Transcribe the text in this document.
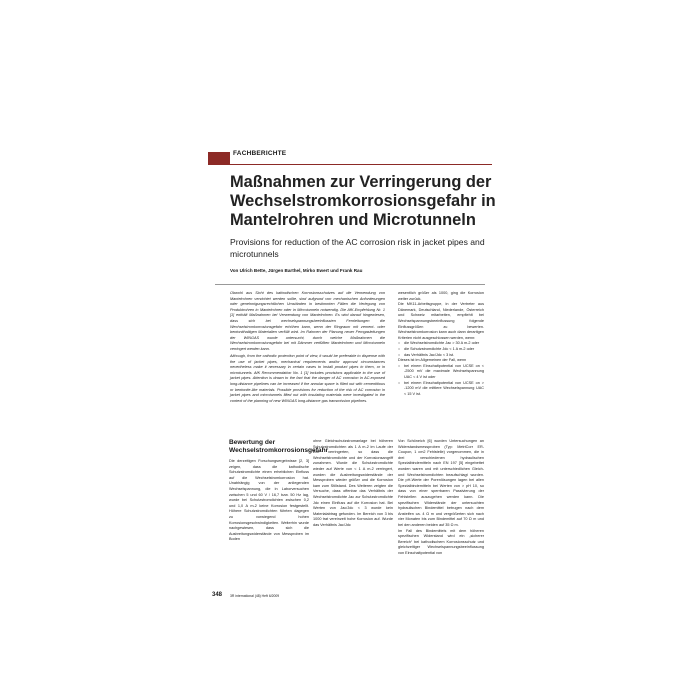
FACHBERICHTE
Maßnahmen zur Verringerung der Wechselstromkorrosionsgefahr in Mantelrohren und Microtunneln

Provisions for reduction of the AC corrosion risk in jacket pipes and microtunnels

Von Ulrich Bette, Jürgen Barthel, Mirko Ewert und Frank Rau

Obwohl aus Sicht des kathodischen Korrosionsschutzes auf die Verwendung von Mantelrohren verzichtet werden sollte, sind aufgrund von mechanischen Anforderungen oder genehmigungsrechtlichen Umständen in bestimmten Fällen die Verlegung von Produktrohren in Mantelrohren oder in Microtunneln notwendig. Die AfK-Empfehlung Nr. 1 [1] enthält Maßnahmen bei Verwendung von Mantelrohren. Es wird darauf hingewiesen, dass sich bei wechselspannungsbeeinflussten Fernleitungen die Wechselstromkorrosionsgefahr erhöhen kann, wenn der Ringraum mit zement- oder bentonithaltigen Materialien verfüllt wird. Im Rahmen der Planung neuer Ferngasleitungen der WINGAS wurde untersucht, durch welche Maßnahmen die Wechselstromkorrosionsgefahr bei mit Dämmer verfüllten Mantelrohren und Microtunneln verringert werden kann.

Although, from the cathodic protection point of view, it would be preferable to dispense with the use of jacket pipes, mechanical requirements and/or approval circumstances nevertheless make it necessary in certain cases to install product pipes in them, or in microtunnels. AfK Recommendation No. 1 [1] includes provisions applicable to the use of jacket pipes. Attention is drawn to the fact that the danger of AC corrosion in AC-exposed long-distance pipelines can be increased if the annular space is filled out with cementitious or bentonite-like materials. Possible provisions for reduction of the risk of AC corrosion in jacket pipes and microtunnels filled out with insulating materials were investigated in the context of the planning of new WINGAS long-distance gas transmission pipelines.

wesentlich größer als 1000, ging die Korrosion weiter zurück.

Die MK11-Arbeitsgruppe, in der Vertreter aus Dänemark, Deutschland, Niederlande, Österreich und Schweiz mitarbeiten, empfiehlt bei Wechselspannungsbeeinflussung folgende Einflussgrößen zu bewerten. Wechselstromkorrosion kann auch dann derartigen Kriterien nicht ausgeschlossen werden, wenn:

○ die Wechselstromdichte Jac > 30 A m-2 oder
○ die Schutzstromdichte Jdc < 1 A m-2 oder
○ das Verhältnis Jac/Jdc < 3 ist.

Dieses ist im Allgemeinen der Fall, wenn

○ bei einem Einschaltpotential von UCSE on < -2500 mV die maximale Wechselspannung UAC < 4 V ist oder
○ bei einem Einschaltpotential von UCSE on > -1200 mV die mittlere Wechselspannung UAC < 15 V ist.
Bewertung der Wechselstromkorrosionsgefahr

Die derzeitigen Forschungsergebnisse [2, 3] zeigen, dass die kathodische Schutzstromdichte einen erheblichen Einfluss auf die Wechselstromkorrosion hat. Unabhängig von der anliegenden Wechselspannung, die in Laborversuchen zwischen 5 und 60 V / 16,7 bzw. 50 Hz lag, wurde bei Schutzstromdichten zwischen 0,2 und 1,0 A m-2 keine Korrosion festgestellt. Höhere Schutzstromdichten führten dagegen zu vorwiegend hohen Korrosionsgeschwindigkeiten. Weiterhin wurde nachgewiesen, dass sich die Ausbreitungswiderstände von Messproben im Boden

ohne Gleichschutzstromanlage bei höheren Schutzstromdichten als 1 A m-2 im Laufe der Zeit verringerten, so dass die Wechselstromdichte und der Korrosionsangriff zunahmen. Wurde die Schutzstromdichte wieder auf Werte von < 1 A m-2 verringert, wurden die Ausbreitungswiderstände der Messproben wieder größer und die Korrosion kam zum Stillstand. Des Weiteren zeigten die Versuche, dass offenbar das Verhältnis der Wechselstromdichte Jac zur Schutzstromdichte Jdc einen Einfluss auf die Korrosion hat. Bei Werten von Jac/Jdc < 3 wurde kein Materialabtrag gefunden. Im Bereich von 3 bis 1000 trat vereinzelt hohe Korrosion auf. Wurde das Verhältnis Jac/Jdc

Von Schöneich [6] wurden Untersuchungen an Widerstandsmessproben (Typ: MetriCorr ER-Coupon, 1 cm2 Fehlstelle) vorgenommen, die in drei verschiedenen hydraulischen Spezialbindemitteln nach EN 197 [5] eingebettet worden waren und mit unterschiedlichen Gleich- und Wechselstromdichten beaufschlagt wurden. Die pH-Werte der Porenlösungen lagen bei allen Spezialbindemitteln bei Werten von > pH 10, so dass von einer sperrbaren Passivierung der Fehlstellen auszugehen werden kann. Die spezifischen Widerstände der untersuchten hydraulischen Bindemittel betrugen nach dem Ansteifen ca. 4 Ω m und vergrößerten sich nach vier Monaten bis zum Bindemittel auf 70 Ω m und bei den anderen beiden auf 35 Ω m.

Im Fall des Bindemittels mit dem höheren spezifischen Widerstand wird ein „sicherer Bereich“ bei kathodischem Korrosionsschutz und gleichzeitiger Wechselspannungsbeeinflussung von Einschaltpotential von

348 3R international (48) Heft 6/2009
